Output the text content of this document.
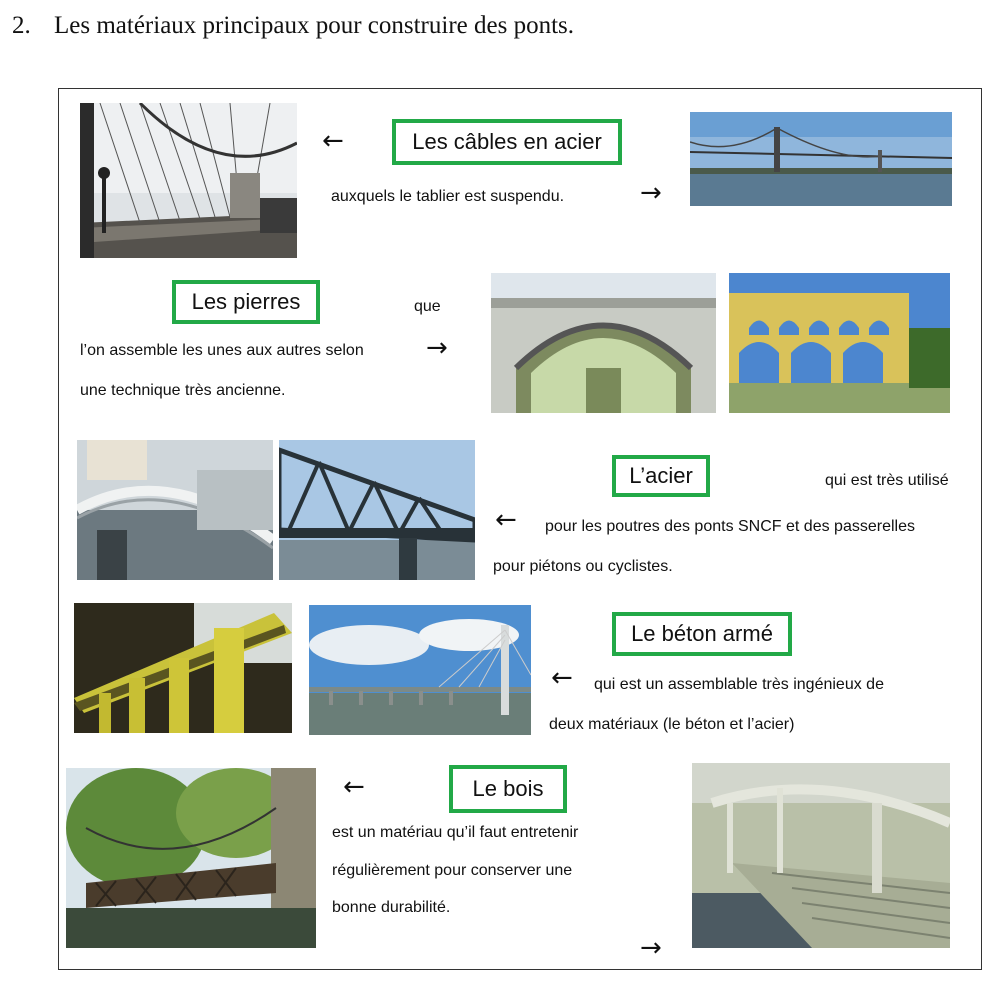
2. Les matériaux principaux pour construire des ponts.
←	Les câbles en acier
auxquels le tablier est suspendu.	→
Les pierres	que
l’on assemble les unes aux autres selon →
une technique très ancienne.
L’acier	qui est très utilisé
← pour les poutres des ponts SNCF et des passerelles
pour piétons ou cyclistes.
Le béton armé
← qui est un assemblable très ingénieux de
deux matériaux (le béton et l’acier)
←	Le bois
est un matériau qu’il faut entretenir
régulièrement pour conserver une
bonne durabilité.
→
